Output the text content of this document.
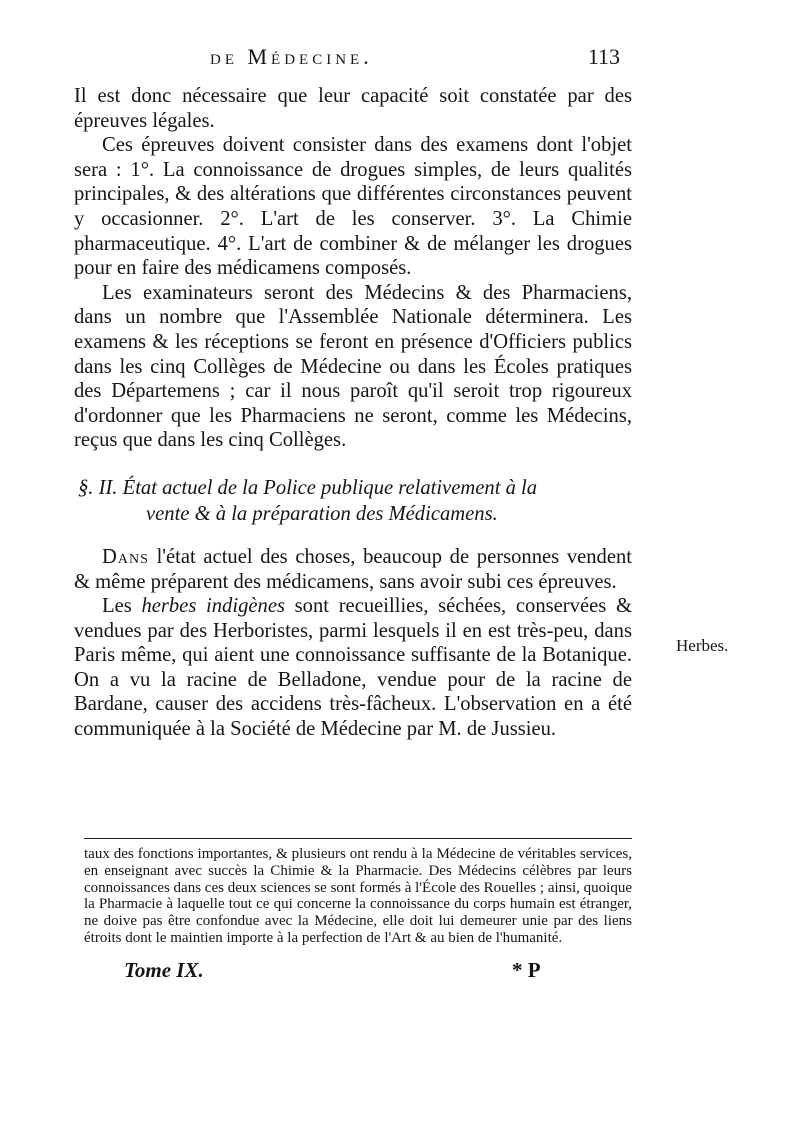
de Médecine.	113

Il est donc nécessaire que leur capacité soit constatée par des épreuves légales.

Ces épreuves doivent consister dans des examens dont l'objet sera : 1°. La connoissance de drogues simples, de leurs qualités principales, & des altérations que différentes circonstances peuvent y occasionner. 2°. L'art de les conserver. 3°. La Chimie pharmaceutique. 4°. L'art de combiner & de mélanger les drogues pour en faire des médicamens composés.

Les examinateurs seront des Médecins & des Pharmaciens, dans un nombre que l'Assemblée Nationale déterminera. Les examens & les réceptions se feront en présence d'Officiers publics dans les cinq Collèges de Médecine ou dans les Écoles pratiques des Départemens ; car il nous paroît qu'il seroit trop rigoureux d'ordonner que les Pharmaciens ne seront, comme les Médecins, reçus que dans les cinq Collèges.

§. II. État actuel de la Police publique relativement à la
vente & à la préparation des Médicamens.

Dans l'état actuel des choses, beaucoup de personnes vendent & même préparent des médicamens, sans avoir subi ces épreuves.

Les herbes indigènes sont recueillies, séchées, conservées & vendues par des Herboristes, parmi lesquels il en est très-peu, dans Paris même, qui aient une connoissance suffisante de la Botanique. On a vu la racine de Belladone, vendue pour de la racine de Bardane, causer des accidens très-fâcheux. L'observation en a été communiquée à la Société de Médecine par M. de Jussieu.

Herbes.

taux des fonctions importantes, & plusieurs ont rendu à la Médecine de véritables services, en enseignant avec succès la Chimie & la Pharmacie. Des Médecins célèbres par leurs connoissances dans ces deux sciences se sont formés à l'École des Rouelles ; ainsi, quoique la Pharmacie à laquelle tout ce qui concerne la connoissance du corps humain est étranger, ne doive pas être confondue avec la Médecine, elle doit lui demeurer unie par des liens étroits dont le maintien importe à la perfection de l'Art & au bien de l'humanité.

Tome IX.	* P
